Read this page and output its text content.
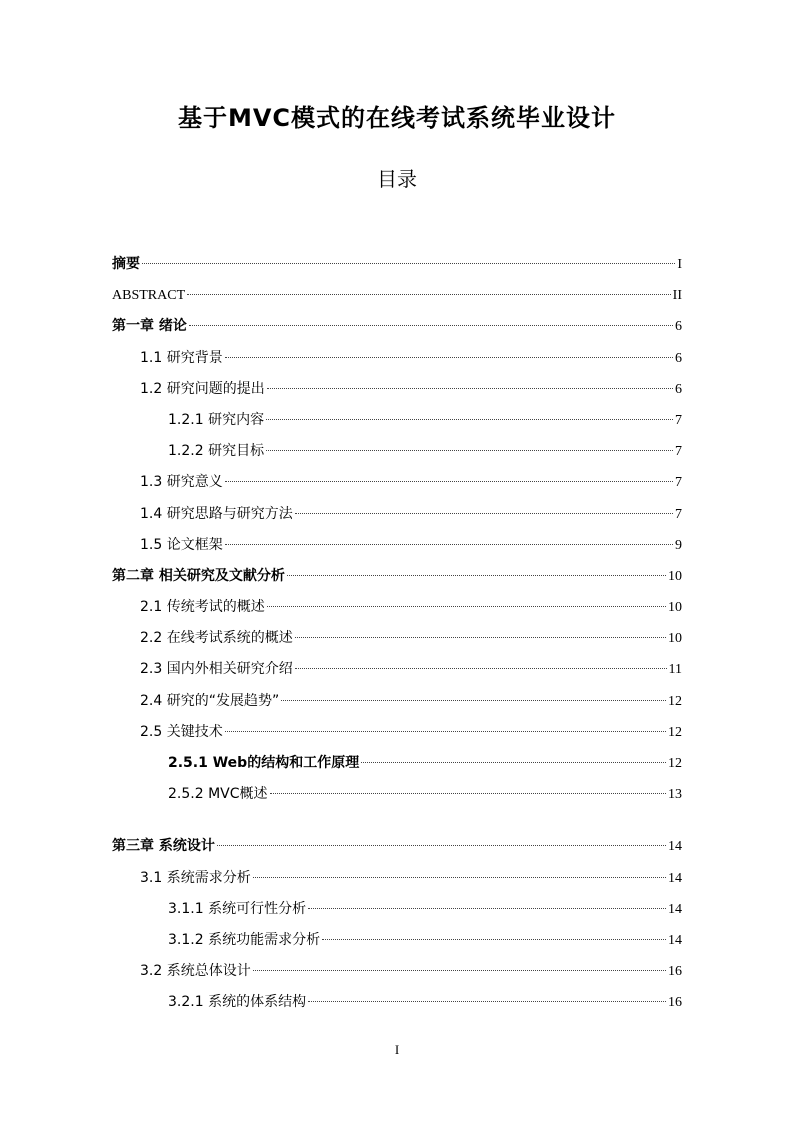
基于MVC模式的在线考试系统毕业设计
目录
摘要	I
ABSTRACT	II
第一章 绪论	6
1.1 研究背景	6
1.2 研究问题的提出	6
1.2.1 研究内容	7
1.2.2 研究目标	7
1.3 研究意义	7
1.4 研究思路与研究方法	7
1.5 论文框架	9
第二章 相关研究及文献分析	10
2.1 传统考试的概述	10
2.2 在线考试系统的概述	10
2.3 国内外相关研究介绍	11
2.4 研究的“发展趋势”	12
2.5 关键技术	12
2.5.1 Web的结构和工作原理	12
2.5.2 MVC概述	13
第三章 系统设计	14
3.1 系统需求分析	14
3.1.1 系统可行性分析	14
3.1.2 系统功能需求分析	14
3.2 系统总体设计	16
3.2.1 系统的体系结构	16
I
